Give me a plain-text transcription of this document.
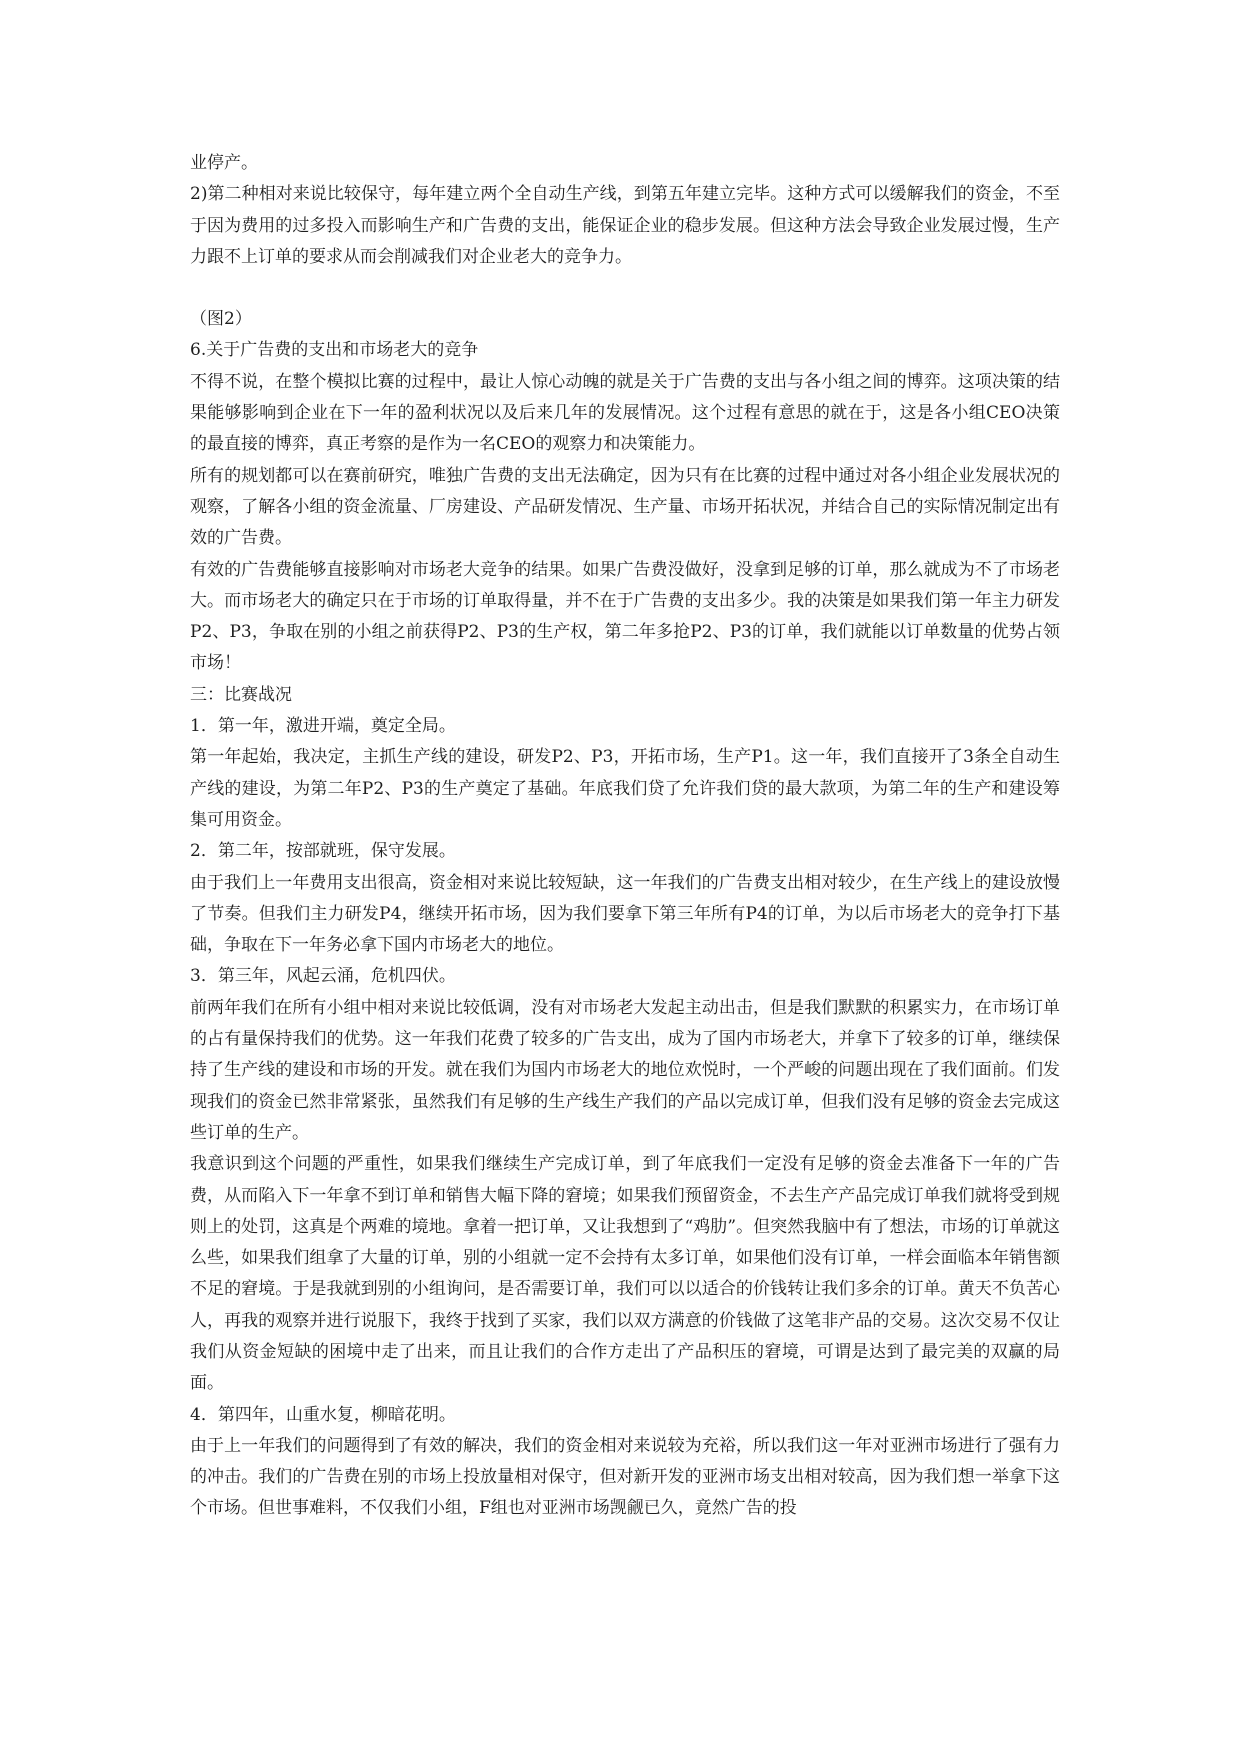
业停产。

2)第二种相对来说比较保守，每年建立两个全自动生产线，到第五年建立完毕。这种方式可以缓解我们的资金，不至于因为费用的过多投入而影响生产和广告费的支出，能保证企业的稳步发展。但这种方法会导致企业发展过慢，生产力跟不上订单的要求从而会削减我们对企业老大的竞争力。

（图2）

6.关于广告费的支出和市场老大的竞争

不得不说，在整个模拟比赛的过程中，最让人惊心动魄的就是关于广告费的支出与各小组之间的博弈。这项决策的结果能够影响到企业在下一年的盈利状况以及后来几年的发展情况。这个过程有意思的就在于，这是各小组CEO决策的最直接的博弈，真正考察的是作为一名CEO的观察力和决策能力。

所有的规划都可以在赛前研究，唯独广告费的支出无法确定，因为只有在比赛的过程中通过对各小组企业发展状况的观察，了解各小组的资金流量、厂房建设、产品研发情况、生产量、市场开拓状况，并结合自己的实际情况制定出有效的广告费。

有效的广告费能够直接影响对市场老大竞争的结果。如果广告费没做好，没拿到足够的订单，那么就成为不了市场老大。而市场老大的确定只在于市场的订单取得量，并不在于广告费的支出多少。我的决策是如果我们第一年主力研发P2、P3，争取在别的小组之前获得P2、P3的生产权，第二年多抢P2、P3的订单，我们就能以订单数量的优势占领市场！

三：比赛战况

1．第一年，激进开端，奠定全局。

第一年起始，我决定，主抓生产线的建设，研发P2、P3，开拓市场，生产P1。这一年，我们直接开了3条全自动生产线的建设，为第二年P2、P3的生产奠定了基础。年底我们贷了允许我们贷的最大款项，为第二年的生产和建设筹集可用资金。

2．第二年，按部就班，保守发展。

由于我们上一年费用支出很高，资金相对来说比较短缺，这一年我们的广告费支出相对较少，在生产线上的建设放慢了节奏。但我们主力研发P4，继续开拓市场，因为我们要拿下第三年所有P4的订单，为以后市场老大的竞争打下基础，争取在下一年务必拿下国内市场老大的地位。

3．第三年，风起云涌，危机四伏。

前两年我们在所有小组中相对来说比较低调，没有对市场老大发起主动出击，但是我们默默的积累实力，在市场订单的占有量保持我们的优势。这一年我们花费了较多的广告支出，成为了国内市场老大，并拿下了较多的订单，继续保持了生产线的建设和市场的开发。就在我们为国内市场老大的地位欢悦时，一个严峻的问题出现在了我们面前。们发现我们的资金已然非常紧张，虽然我们有足够的生产线生产我们的产品以完成订单，但我们没有足够的资金去完成这些订单的生产。

我意识到这个问题的严重性，如果我们继续生产完成订单，到了年底我们一定没有足够的资金去准备下一年的广告费，从而陷入下一年拿不到订单和销售大幅下降的窘境；如果我们预留资金，不去生产产品完成订单我们就将受到规则上的处罚，这真是个两难的境地。拿着一把订单，又让我想到了“鸡肋”。但突然我脑中有了想法，市场的订单就这么些，如果我们组拿了大量的订单，别的小组就一定不会持有太多订单，如果他们没有订单，一样会面临本年销售额不足的窘境。于是我就到别的小组询问，是否需要订单，我们可以以适合的价钱转让我们多余的订单。黄天不负苦心人，再我的观察并进行说服下，我终于找到了买家，我们以双方满意的价钱做了这笔非产品的交易。这次交易不仅让我们从资金短缺的困境中走了出来，而且让我们的合作方走出了产品积压的窘境，可谓是达到了最完美的双赢的局面。

4．第四年，山重水复，柳暗花明。

由于上一年我们的问题得到了有效的解决，我们的资金相对来说较为充裕，所以我们这一年对亚洲市场进行了强有力的冲击。我们的广告费在别的市场上投放量相对保守，但对新开发的亚洲市场支出相对较高，因为我们想一举拿下这个市场。但世事难料，不仅我们小组，F组也对亚洲市场觊觎已久，竟然广告的投
